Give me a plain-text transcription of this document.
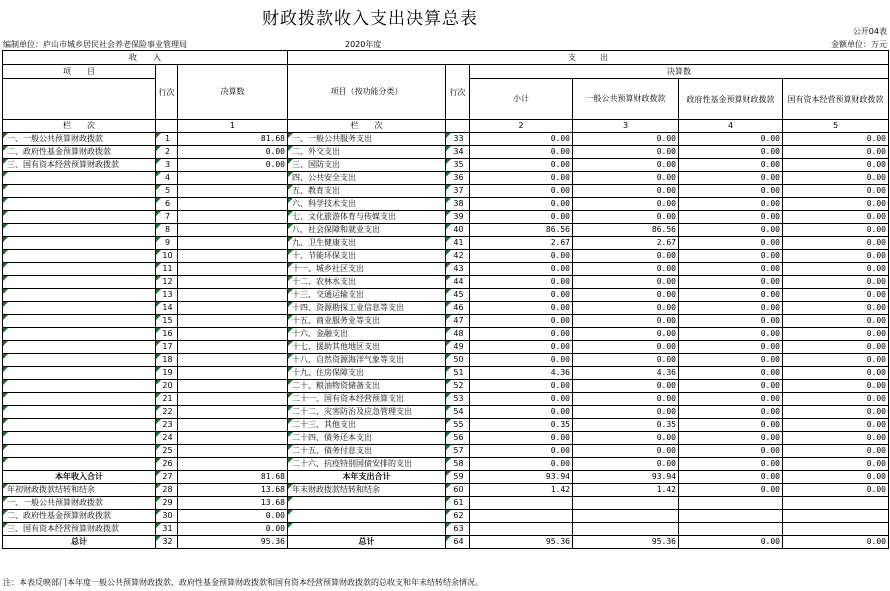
财政拨款收入支出决算总表
公开04表
编制单位：庐山市城乡居民社会养老保险事业管理局	2020年度	金额单位：万元
收　　入			支　　　出					
项　　目	行次	决算数	项目（按功能分类）	行次	决算数			
					小计	一般公共预算财政拨款	政府性基金预算财政拨款	国有资本经营预算财政拨款
栏　　次		1	栏　　次		2	3	4	5
一、一般公共预算财政拨款	1	81.68	一、一般公共服务支出	33	0.00	0.00	0.00	0.00
二、政府性基金预算财政拨款	2	0.00	二、外交支出	34	0.00	0.00	0.00	0.00
三、国有资本经营预算财政拨款	3	0.00	三、国防支出	35	0.00	0.00	0.00	0.00
	4		四、公共安全支出	36	0.00	0.00	0.00	0.00
	5		五、教育支出	37	0.00	0.00	0.00	0.00
	6		六、科学技术支出	38	0.00	0.00	0.00	0.00
	7		七、文化旅游体育与传媒支出	39	0.00	0.00	0.00	0.00
	8		八、社会保障和就业支出	40	86.56	86.56	0.00	0.00
	9		九、卫生健康支出	41	2.67	2.67	0.00	0.00
	10		十、节能环保支出	42	0.00	0.00	0.00	0.00
	11		十一、城乡社区支出	43	0.00	0.00	0.00	0.00
	12		十二、农林水支出	44	0.00	0.00	0.00	0.00
	13		十三、交通运输支出	45	0.00	0.00	0.00	0.00
	14		十四、资源勘探工业信息等支出	46	0.00	0.00	0.00	0.00
	15		十五、商业服务业等支出	47	0.00	0.00	0.00	0.00
	16		十六、金融支出	48	0.00	0.00	0.00	0.00
	17		十七、援助其他地区支出	49	0.00	0.00	0.00	0.00
	18		十八、自然资源海洋气象等支出	50	0.00	0.00	0.00	0.00
	19		十九、住房保障支出	51	4.36	4.36	0.00	0.00
	20		二十、粮油物资储备支出	52	0.00	0.00	0.00	0.00
	21		二十一、国有资本经营预算支出	53	0.00	0.00	0.00	0.00
	22		二十二、灾害防治及应急管理支出	54	0.00	0.00	0.00	0.00
	23		二十三、其他支出	55	0.35	0.35	0.00	0.00
	24		二十四、债务还本支出	56	0.00	0.00	0.00	0.00
	25		二十五、债务付息支出	57	0.00	0.00	0.00	0.00
	26		二十六、抗疫特别国债安排的支出	58	0.00	0.00	0.00	0.00
本年收入合计	27	81.68	本年支出合计	59	93.94	93.94	0.00	0.00
年初财政拨款结转和结余	28	13.68	年末财政拨款结转和结余	60	1.42	1.42	0.00	0.00
一、一般公共预算财政拨款	29	13.68		61				
二、政府性基金预算财政拨款	30	0.00		62				
三、国有资本经营预算财政拨款	31	0.00		63				
总计	32	95.36	总计	64	95.36	95.36	0.00	0.00
注：本表反映部门本年度一般公共预算财政拨款、政府性基金预算财政拨款和国有资本经营预算财政拨款的总收支和年末结转结余情况。
